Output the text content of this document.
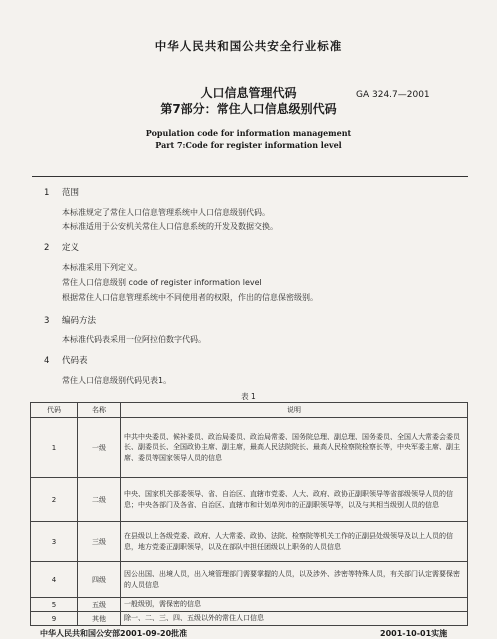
中华人民共和国公共安全行业标准
人口信息管理代码
第7部分：常住人口信息级别代码
GA 324.7—2001
Population code for information management
Part 7:Code for register information level
1 范围
本标准规定了常住人口信息管理系统中人口信息级别代码。
本标准适用于公安机关常住人口信息系统的开发及数据交换。
2 定义
本标准采用下列定义。
常住人口信息级别 code of register information level
根据常住人口信息管理系统中不同使用者的权限，作出的信息保密级别。
3 编码方法
本标准代码表采用一位阿拉伯数字代码。
4 代码表
常住人口信息级别代码见表1。
表 1
代码	名称	说明
1	一级	中共中央委员、候补委员、政治局委员、政治局常委、国务院总理、副总理、国务委员、全国人大常委会委员长、副委员长、全国政协主席、副主席，最高人民法院院长、最高人民检察院检察长等，中央军委主席、副主席、委员等国家领导人员的信息
2	二级	中央、国家机关部委领导、省、自治区、直辖市党委、人大、政府、政协正副职领导等省部级领导人员的信息；中央各部门及各省、自治区、直辖市和计划单列市的正副职领导等，以及与其相当级别人员的信息
3	三级	在县级以上各级党委、政府、人大常委、政协、法院、检察院等机关工作的正副县处级领导及以上人员的信息，地方党委正副职领导，以及在部队中担任团级以上职务的人员信息
4	四级	因公出国、出境人员，出入境管理部门需要掌握的人员，以及涉外、涉密等特殊人员，有关部门认定需要保密的人员信息
5	五级	一般级别，需保密的信息
9	其他	除一、二、三、四、五级以外的常住人口信息
中华人民共和国公安部2001-09-20批准	2001-10-01实施
